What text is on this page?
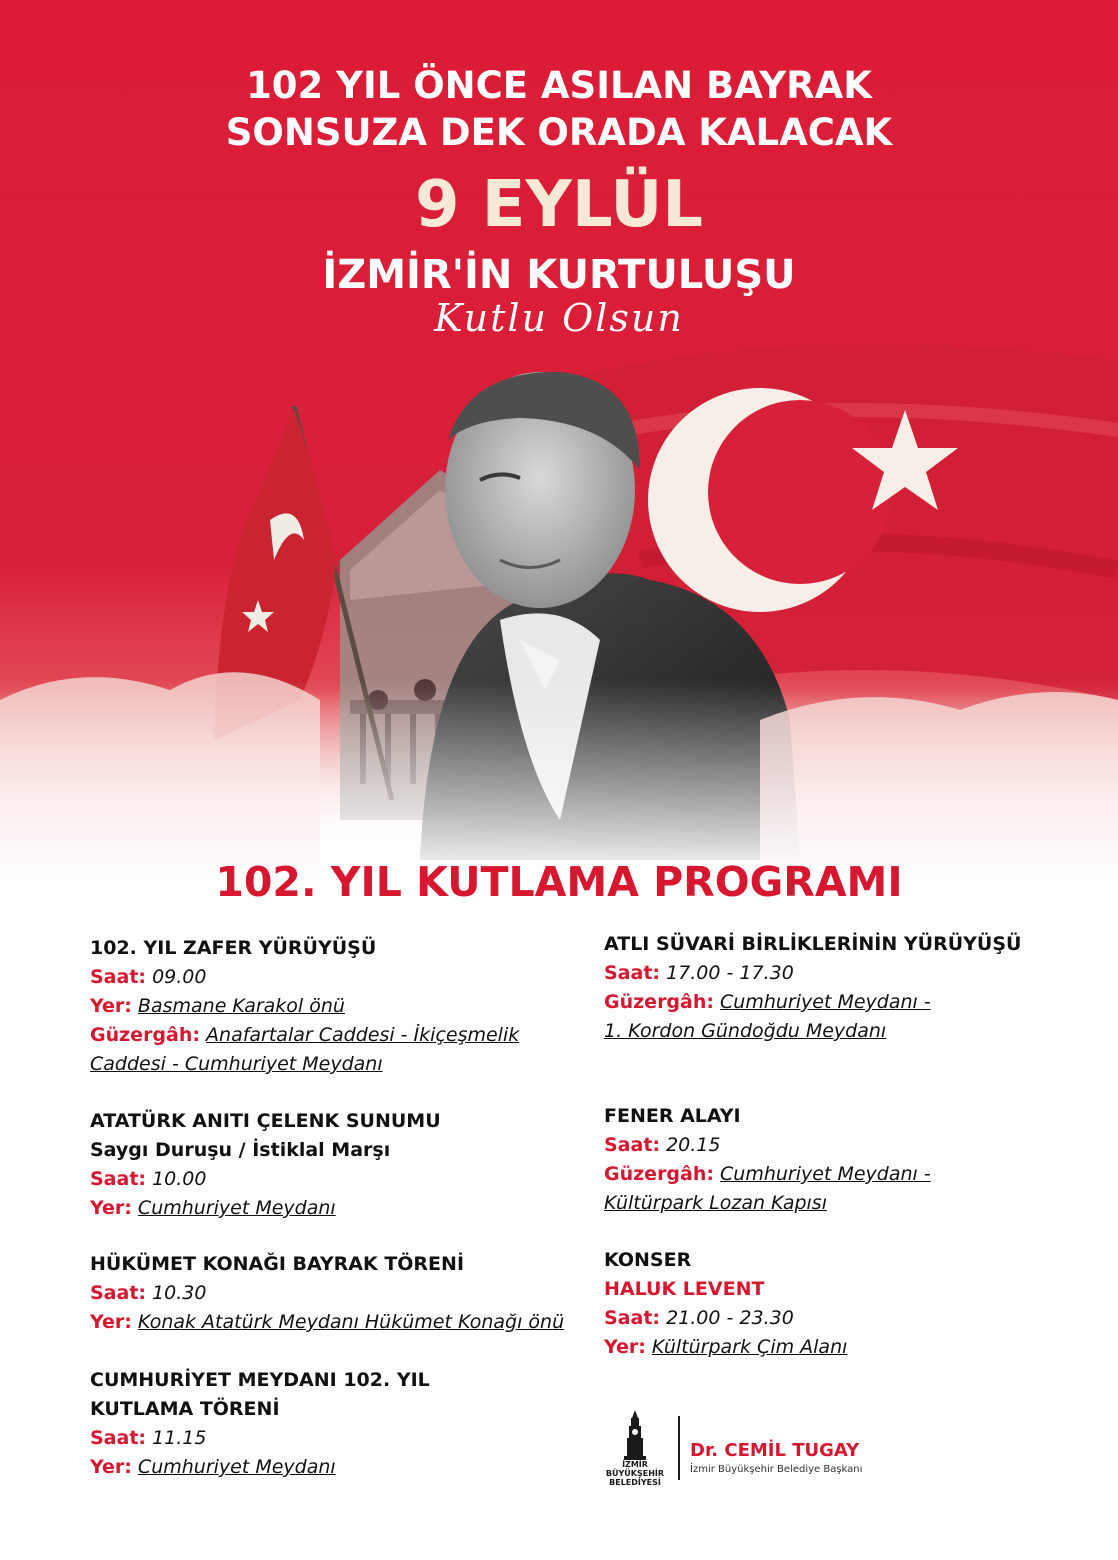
102 YIL ÖNCE ASILAN BAYRAK
SONSUZA DEK ORADA KALACAK
9 EYLÜL
İZMİR'İN KURTULUŞU
Kutlu Olsun
102. YIL KUTLAMA PROGRAMI
102. YIL ZAFER YÜRÜYÜŞÜ
Saat: 09.00
Yer: Basmane Karakol önü
Güzergâh: Anafartalar Caddesi - İkiçeşmelik
Caddesi - Cumhuriyet Meydanı
ATATÜRK ANITI ÇELENK SUNUMU
Saygı Duruşu / İstiklal Marşı
Saat: 10.00
Yer: Cumhuriyet Meydanı
HÜKÜMET KONAĞI BAYRAK TÖRENİ
Saat: 10.30
Yer: Konak Atatürk Meydanı Hükümet Konağı önü
CUMHURİYET MEYDANI 102. YIL
KUTLAMA TÖRENİ
Saat: 11.15
Yer: Cumhuriyet Meydanı
ATLI SÜVARİ BİRLİKLERİNİN YÜRÜYÜŞÜ
Saat: 17.00 - 17.30
Güzergâh: Cumhuriyet Meydanı -
1. Kordon Gündoğdu Meydanı
FENER ALAYI
Saat: 20.15
Güzergâh: Cumhuriyet Meydanı -
Kültürpark Lozan Kapısı
KONSER
HALUK LEVENT
Saat: 21.00 - 23.30
Yer: Kültürpark Çim Alanı
İZMİR
BÜYÜKŞEHİR
BELEDİYESİ
Dr. CEMİL TUGAY
İzmir Büyükşehir Belediye Başkanı
